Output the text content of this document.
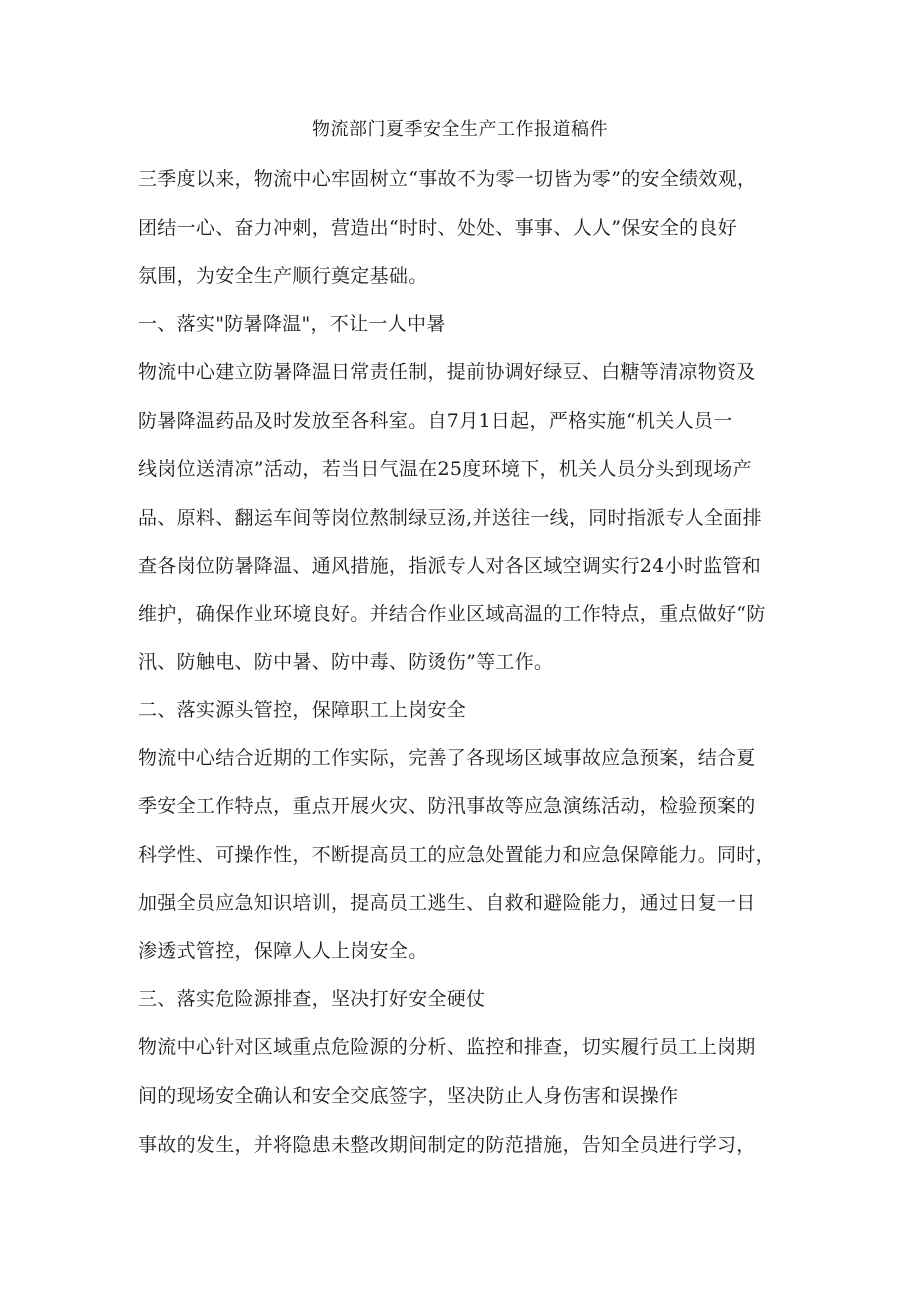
物流部门夏季安全生产工作报道稿件
三季度以来，物流中心牢固树立“事故不为零一切皆为零”的安全绩效观，
团结一心、奋力冲刺，营造出“时时、处处、事事、人人”保安全的良好
氛围，为安全生产顺行奠定基础。
一、落实"防暑降温"，不让一人中暑
物流中心建立防暑降温日常责任制，提前协调好绿豆、白糖等清凉物资及
防暑降温药品及时发放至各科室。自7月1日起，严格实施“机关人员一
线岗位送清凉”活动，若当日气温在25度环境下，机关人员分头到现场产
品、原料、翻运车间等岗位熬制绿豆汤,并送往一线，同时指派专人全面排
查各岗位防暑降温、通风措施，指派专人对各区域空调实行24小时监管和
维护，确保作业环境良好。并结合作业区域高温的工作特点，重点做好“防
汛、防触电、防中暑、防中毒、防烫伤”等工作。
二、落实源头管控，保障职工上岗安全
物流中心结合近期的工作实际，完善了各现场区域事故应急预案，结合夏
季安全工作特点，重点开展火灾、防汛事故等应急演练活动，检验预案的
科学性、可操作性，不断提高员工的应急处置能力和应急保障能力。同时，
加强全员应急知识培训，提高员工逃生、自救和避险能力，通过日复一日
渗透式管控，保障人人上岗安全。
三、落实危险源排查，坚决打好安全硬仗
物流中心针对区域重点危险源的分析、监控和排查，切实履行员工上岗期
间的现场安全确认和安全交底签字，坚决防止人身伤害和误操作
事故的发生，并将隐患未整改期间制定的防范措施，告知全员进行学习，
